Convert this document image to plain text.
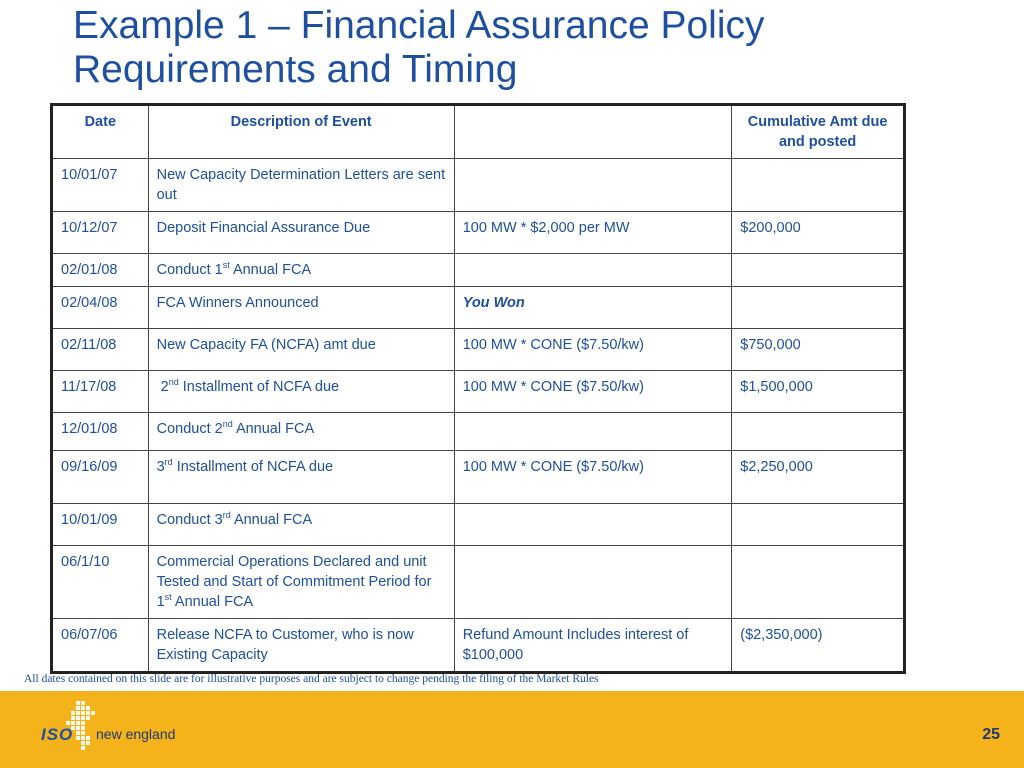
Example 1 – Financial Assurance Policy Requirements and Timing
Date	Description of Event		Cumulative Amt due and posted
10/01/07	New Capacity Determination Letters are sent out		
10/12/07	Deposit Financial Assurance Due	100 MW * $2,000 per MW	$200,000
02/01/08	Conduct 1st Annual FCA		
02/04/08	FCA Winners Announced	You Won	
02/11/08	New Capacity FA (NCFA) amt due	100 MW * CONE ($7.50/kw)	$750,000
11/17/08	2nd Installment of NCFA due	100 MW * CONE ($7.50/kw)	$1,500,000
12/01/08	Conduct 2nd Annual FCA		
09/16/09	3rd Installment of NCFA due	100 MW * CONE ($7.50/kw)	$2,250,000
10/01/09	Conduct 3rd Annual FCA		
06/1/10	Commercial Operations Declared and unit Tested and Start of Commitment Period for 1st Annual FCA		
06/07/06	Release NCFA to Customer, who is now Existing Capacity	Refund Amount Includes interest of $100,000	($2,350,000)
All dates contained on this slide are for illustrative purposes and are subject to change pending the filing of the Market Rules
ISO new england	25
